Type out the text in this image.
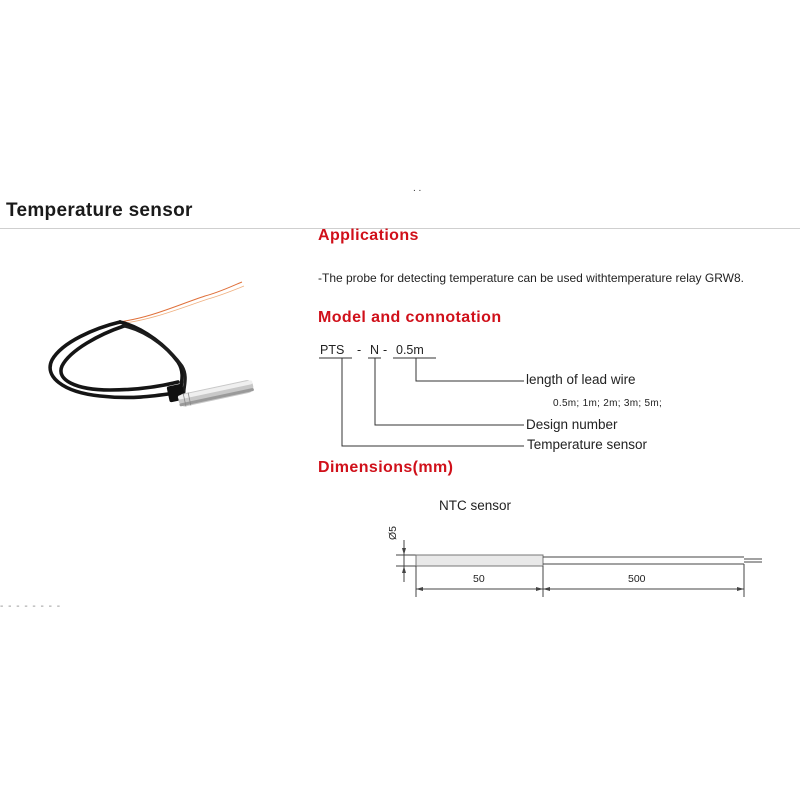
. .
Temperature sensor
Applications
-The probe for detecting temperature can be used withtemperature relay GRW8.
Model and connotation
PTS - N - 0.5m
length of lead wire
0.5m; 1m; 2m; 3m; 5m;
Design number
Temperature sensor
Dimensions(mm)
NTC sensor
Ø5
50	500
- - - - - - - -
